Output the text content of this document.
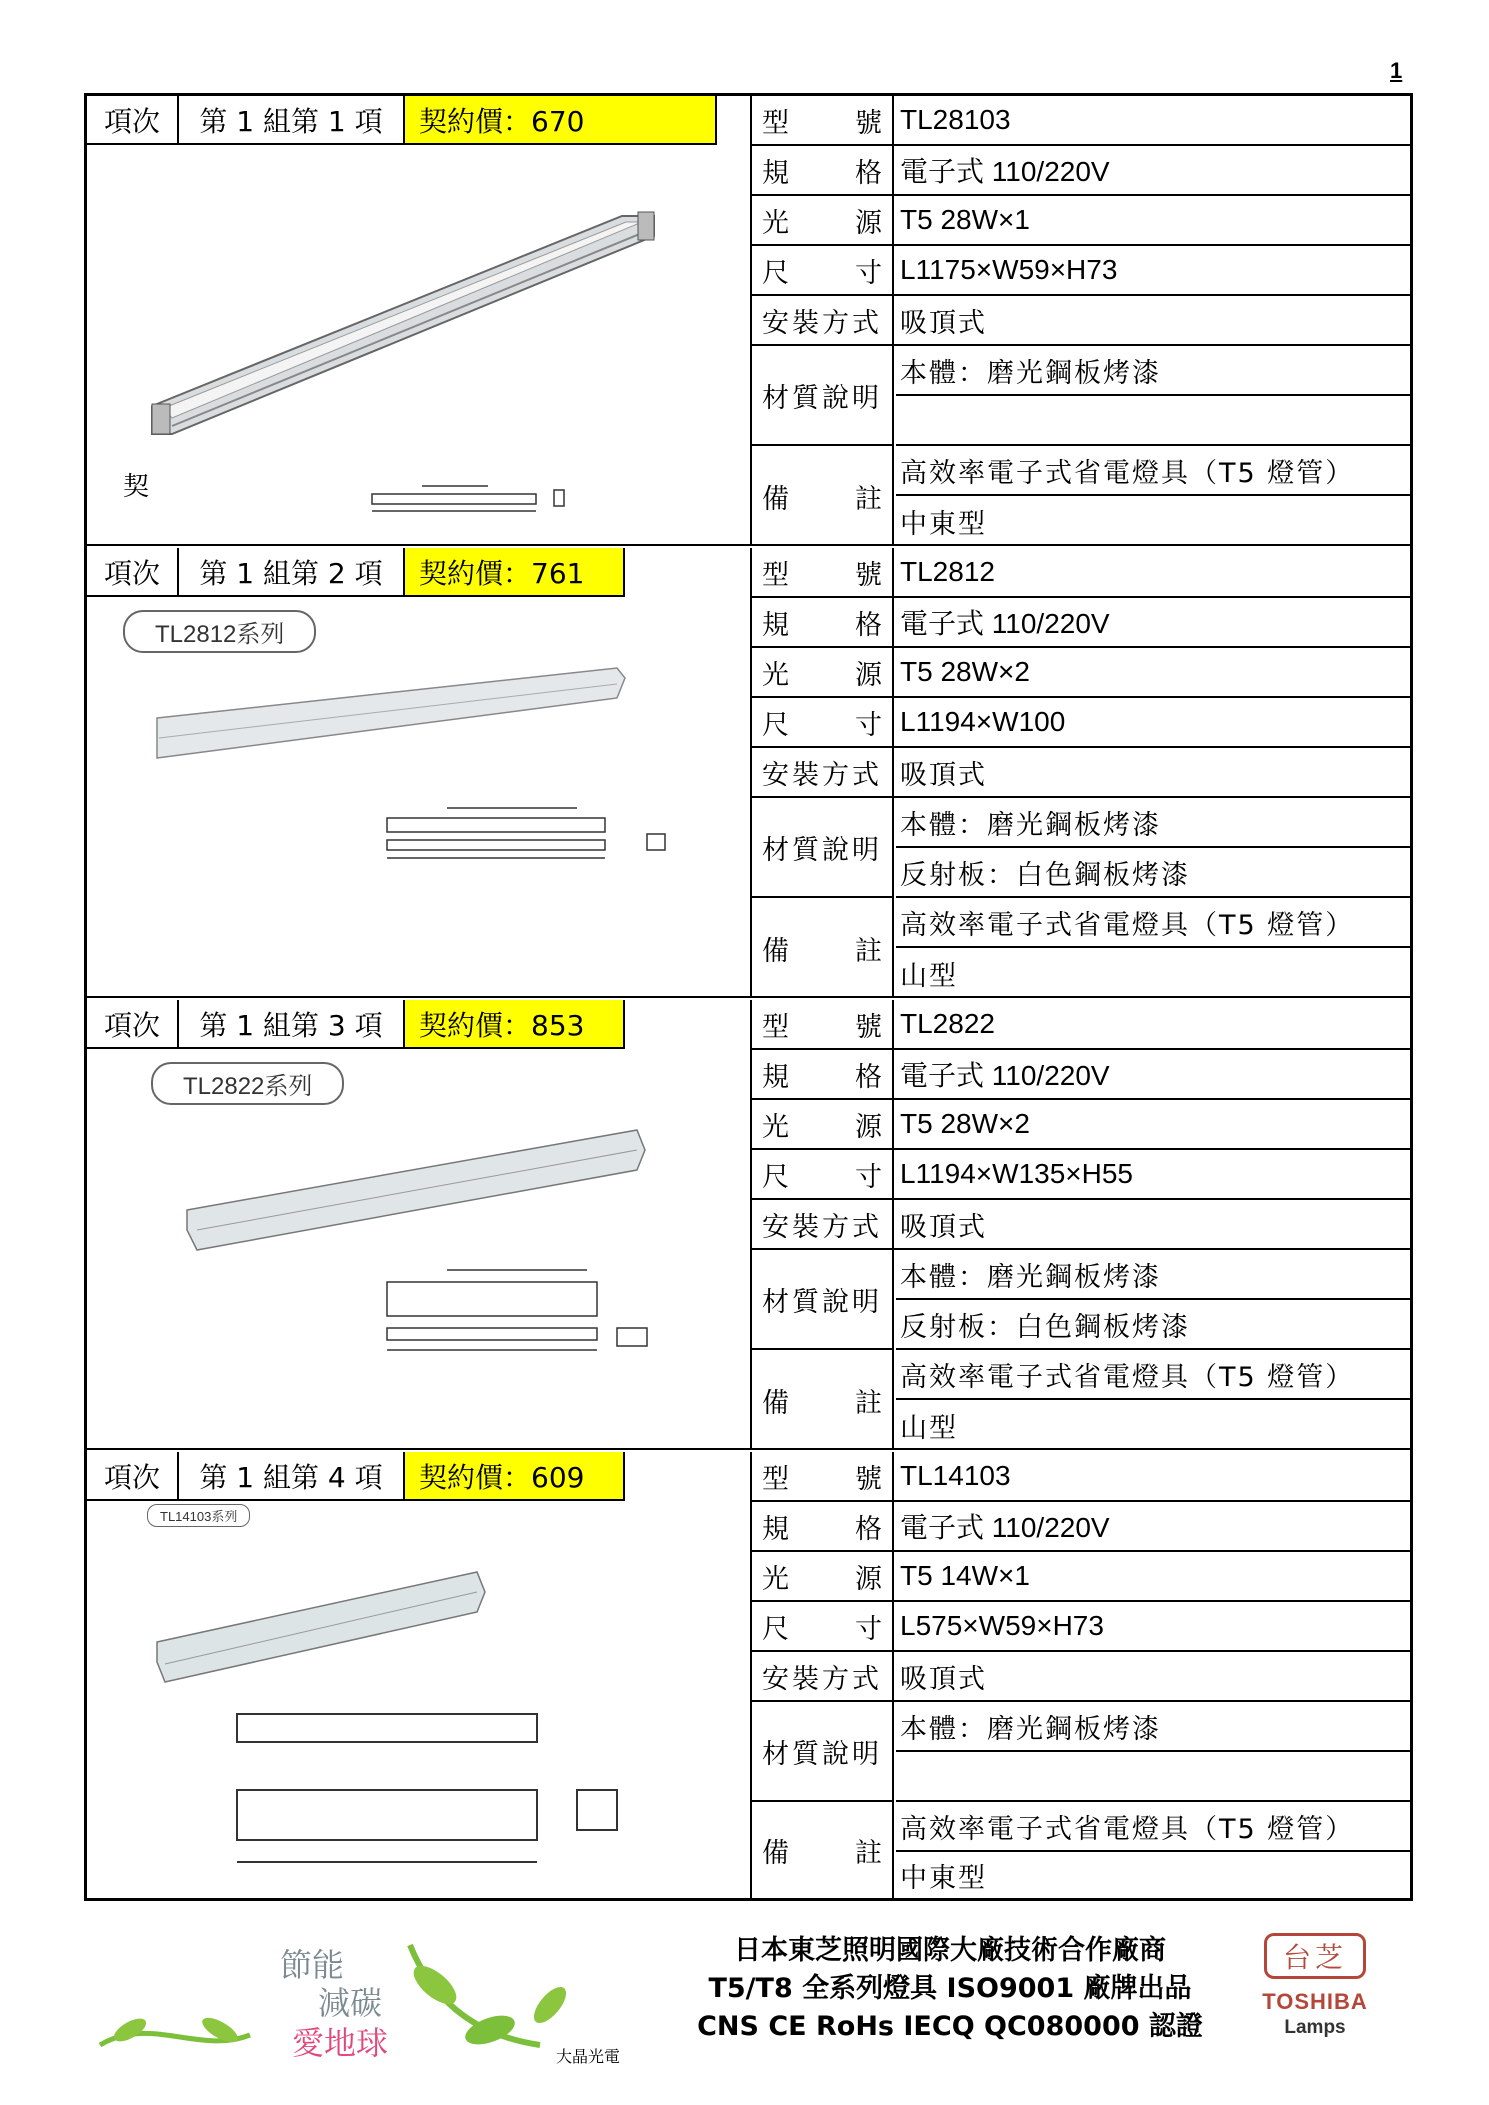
1
項次	第 1 組第 1 項	契約價：670
契
型 號 TL28103
規 格 電子式 110/220V
光 源 T5 28W×1
尺 寸 L1175×W59×H73
安裝方式 吸頂式
材質說明
本體：磨光鋼板烤漆
備 註
高效率電子式省電燈具（T5 燈管）
中東型
項次	第 1 組第 2 項	契約價：761
TL2812系列
型 號 TL2812
規 格 電子式 110/220V
光 源 T5 28W×2
尺 寸 L1194×W100
安裝方式 吸頂式
材質說明
本體：磨光鋼板烤漆
反射板：白色鋼板烤漆
備 註
高效率電子式省電燈具（T5 燈管）
山型
項次	第 1 組第 3 項	契約價：853
TL2822系列
型 號 TL2822
規 格 電子式 110/220V
光 源 T5 28W×2
尺 寸 L1194×W135×H55
安裝方式 吸頂式
材質說明
本體：磨光鋼板烤漆
反射板：白色鋼板烤漆
備 註
高效率電子式省電燈具（T5 燈管）
山型
項次	第 1 組第 4 項	契約價：609
TL14103系列
型 號 TL14103
規 格 電子式 110/220V
光 源 T5 14W×1
尺 寸 L575×W59×H73
安裝方式 吸頂式
材質說明
本體：磨光鋼板烤漆
備 註
高效率電子式省電燈具（T5 燈管）
中東型
節能
減碳
愛地球	大晶光電
日本東芝照明國際大廠技術合作廠商
T5/T8 全系列燈具 ISO9001 廠牌出品
CNS CE RoHs IECQ QC080000 認證
台芝
TOSHIBA
Lamps
